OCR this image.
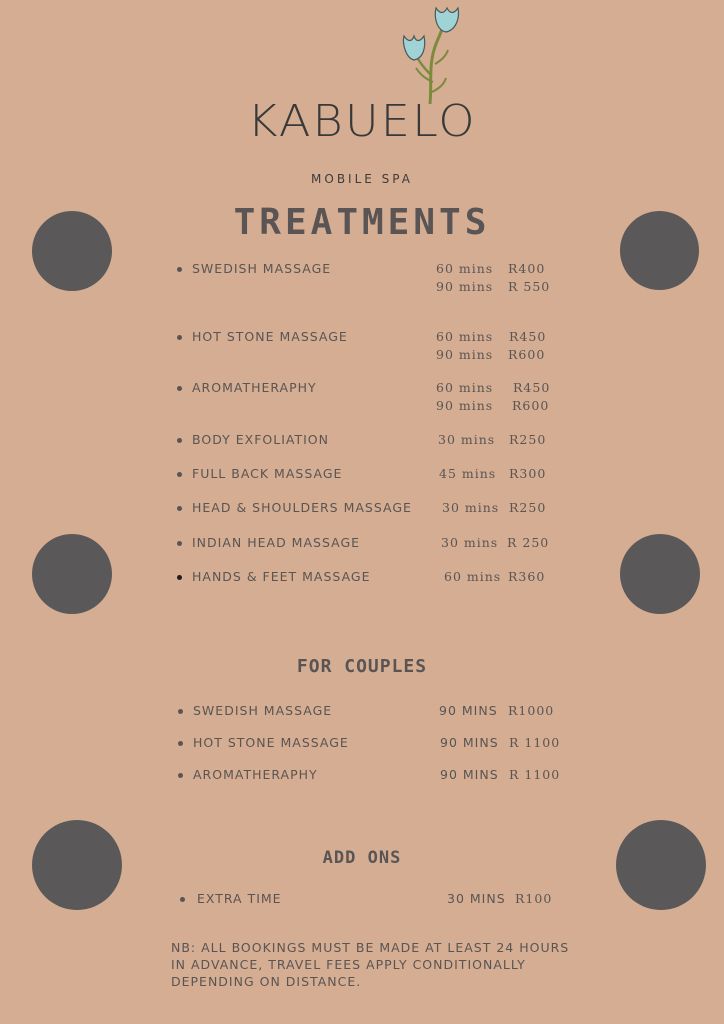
KABUELO
MOBILE SPA
TREATMENTS
SWEDISH MASSAGE	60 mins R400
90 mins R 550
HOT STONE MASSAGE	60 mins R450
90 mins R600
AROMATHERAPHY	60 mins R450
90 mins R600
BODY EXFOLIATION	30 mins R250
FULL BACK MASSAGE	45 mins R300
HEAD & SHOULDERS MASSAGE 30 mins R250
INDIAN HEAD MASSAGE	30 mins R 250
HANDS & FEET MASSAGE	60 mins R360
FOR COUPLES
SWEDISH MASSAGE	90 MINS R1000
HOT STONE MASSAGE	90 MINS R 1100
AROMATHERAPHY	90 MINS R 1100
ADD ONS
EXTRA TIME	30 MINS R100
NB: ALL BOOKINGS MUST BE MADE AT LEAST 24 HOURS IN ADVANCE, TRAVEL FEES APPLY CONDITIONALLY DEPENDING ON DISTANCE.
